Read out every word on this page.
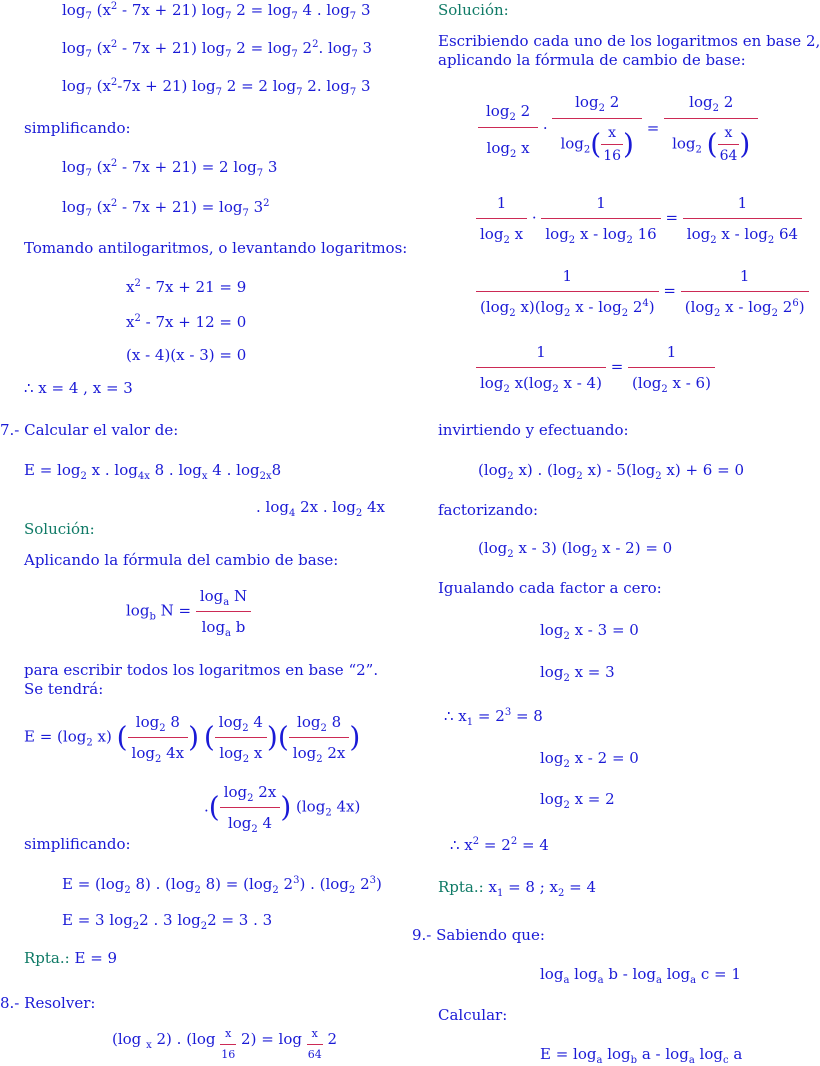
$\log_7 (x^2 - 7x + 21)$ $\log_7 2 = \log_7 4$ . $\log_7 3$
$\log_7 (x^2 - 7x + 21)$ $\log_7 2 = \log_7 2^2$. $\log_7 3$
$\log_7 (x^2-7x + 21)$ $\log_7 2 = 2$ $\log_7 2$. $\log_7 3$
simplificando:
$\log_7 (x^2 - 7x + 21) = 2$ $\log_7 3$
$\log_7 (x^2 - 7x + 21) = \log_7 3^2$
Tomando antilogaritmos, o levantando logaritmos:
$x^2 - 7x + 21 = 9$
$x^2 - 7x + 12 = 0$
(x - 4)(x - 3) = 0
∴ x = 4 , x = 3
7.- Calcular el valor de:
$E = \log_2 x$ . $\log_{4x} 8$ . $\log_x 4$ . $\log_{2x}8$
. $\log_4 2x$ . $\log_2 4x$
Solución:
Aplicando la fórmula del cambio de base:
$\log_b N = \frac{\log_a N}{\log_a b}$
para escribir todos los logaritmos en base “2”.
Se tendrá:
$E = (\log_2$ x) ( $\frac{\log_2 8}{\log_2 4x}$ ) ( $\frac{\log_2 4}{\log_2 x}$ )( $\frac{\log_2 8}{\log_2 2x}$ )
.( $\frac{\log_2 2x}{\log_2 4}$ ) ($\log_2$ 4x)
simplificando:
$E = (\log_2$ 8) . ($\log_2$ $8) = (\log_2$ $2^3$) . ($\log_2$ $2^3$)
E = 3 $\log_22$ . 3 $\log_22 = 3$ . 3
Rpta.: E = 9
8.- Resolver:
(log $_x$ 2) . $(\log \frac{x}{16} 2) = \log \frac{x}{64} 2$
Solución:
Escribiendo cada uno de los logaritmos en base 2,
aplicando la fórmula de cambio de base:
$\frac{\log_2 2}{\log_2 x} \cdot \frac{\log_2 2}{\log_2( \frac{x}{16} )} = \frac{\log_2 2}{\log_2 ( \frac{x}{64} )}$
$\frac{1}{\log_2 x} \cdot \frac{1}{\log_2 x - \log_2 16} = \frac{1}{\log_2 x - \log_2 64}$
$\frac{1}{(\log_2 x)(\log_2 x - \log_2 2^4)} = \frac{1}{(\log_2 x - \log_2 2^6)}$
$\frac{1}{\log_2 x(\log_2 x - 4)} = \frac{1}{(\log_2 x - 6)}$
invirtiendo y efectuando:
($\log_2$ x) . ($\log_2$ $x) - 5(\log_2$ x) + 6 = 0
factorizando:
($\log_2$ x - 3) ($\log_2$ x - 2) = 0
Igualando cada factor a cero:
$\log_2 x - 3 = 0$
$\log_2 x = 3$
∴ $x_1 = 2^3 = 8$
$\log_2 x - 2 = 0$
$\log_2 x = 2$
∴ $x^2 = 2^2 = 4$
Rpta.: $x_1 = 8$ ; $x_2 = 4$
9.- Sabiendo que:
$\log_a \log_a b - \log_a \log_a c = 1$
Calcular:
$E = \log_a \log_b a - \log_a \log_c a$
